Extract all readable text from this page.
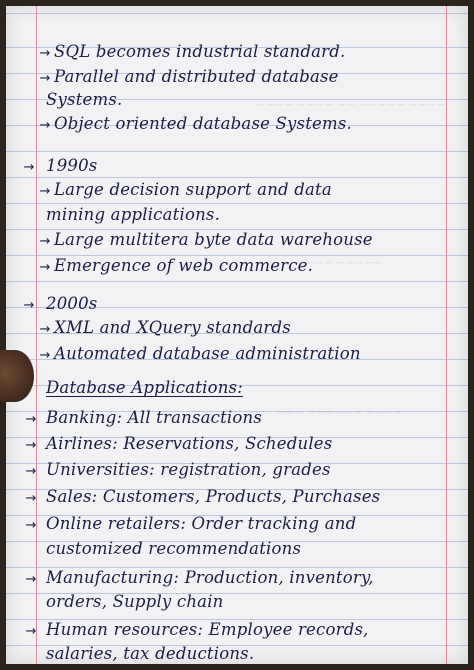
~~~~ ~~~~~ ~~ ~~~~ ~~~~
~~~~~ ~~~~
~~~~ ~~~~~~ ~~~
→ SQL becomes industrial standard.
→ Parallel and distributed database
Systems.
→ Object oriented database Systems.
→ 1990s
→ Large decision support and data
mining applications.
→ Large multitera byte data warehouse
→ Emergence of web commerce.
→ 2000s
→ XML and XQuery standards
→ Automated database administration
Database Applications:
→ Banking: All transactions
→ Airlines: Reservations, Schedules
→ Universities: registration, grades
→ Sales: Customers, Products, Purchases
→ Online retailers: Order tracking and
customized recommendations
→ Manufacturing: Production, inventory,
orders, Supply chain
→ Human resources: Employee records,
salaries, tax deductions.
